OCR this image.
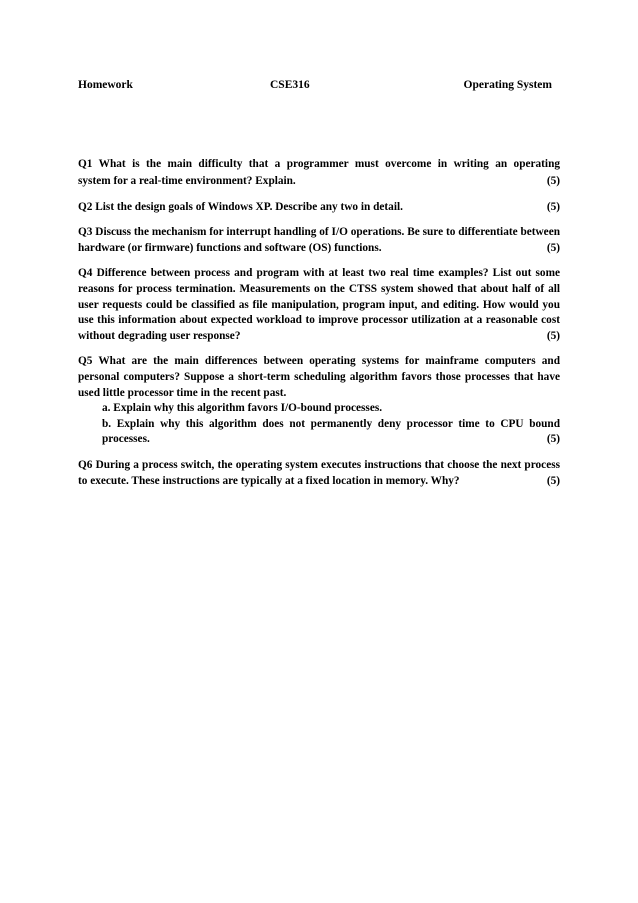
Homework	CSE316	Operating System
Q1 What is the main difficulty that a programmer must overcome in writing an operating
(5)
system for a real-time environment? Explain.
(5)
Q2 List the design goals of Windows XP. Describe any two in detail.
Q3 Discuss the mechanism for interrupt handling of I/O operations. Be sure to differentiate between hardware (or firmware) functions and software (OS) functions.	(5)
Q4 Difference between process and program with at least two real time examples? List out some reasons for process termination. Measurements on the CTSS system showed that about half of all user requests could be classified as file manipulation, program input, and editing. How would you use this information about expected workload to improve processor utilization at a reasonable cost without degrading user response?	(5)
Q5 What are the main differences between operating systems for mainframe computers and personal computers? Suppose a short-term scheduling algorithm favors those processes that have used little processor time in the recent past.
a. Explain why this algorithm favors I/O-bound processes.
b. Explain why this algorithm does not permanently deny processor time to CPU bound processes.	(5)
Q6 During a process switch, the operating system executes instructions that choose the next process to execute. These instructions are typically at a fixed location in memory. Why?	(5)
